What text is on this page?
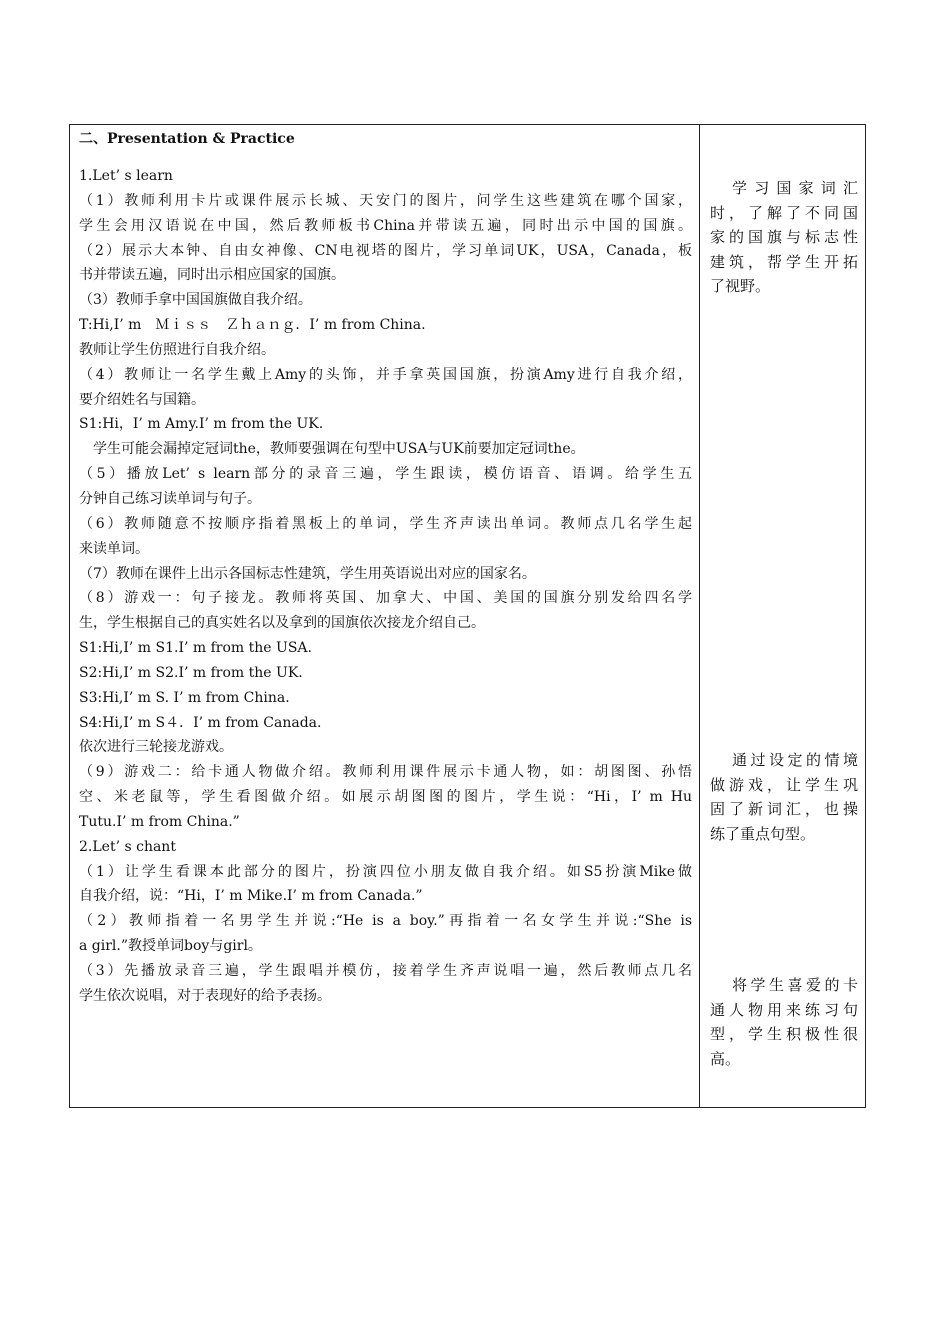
二、Presentation & Practice
1.Let’ s learn
（1）教师利用卡片或课件展示长城、天安门的图片，问学生这些建筑在哪个国家，
学生会用汉语说在中国，然后教师板书China并带读五遍，同时出示中国的国旗。
（2）展示大本钟、自由女神像、CN电视塔的图片，学习单词UK，USA，Canada，板
书并带读五遍，同时出示相应国家的国旗。
（3）教师手拿中国国旗做自我介绍。
T:Hi,I’ m　Ｍｉｓｓ　Ｚｈａｎｇ．I’ m from China.
教师让学生仿照进行自我介绍。
（4）教师让一名学生戴上Amy的头饰，并手拿英国国旗，扮演Amy进行自我介绍，
要介绍姓名与国籍。
S1:Hi，I’ m Amy.I’ m from the UK.
学生可能会漏掉定冠词the，教师要强调在句型中USA与UK前要加定冠词the。
（5）播放Let’ s learn部分的录音三遍，学生跟读，模仿语音、语调。给学生五
分钟自己练习读单词与句子。
（6）教师随意不按顺序指着黑板上的单词，学生齐声读出单词。教师点几名学生起
来读单词。
（7）教师在课件上出示各国标志性建筑，学生用英语说出对应的国家名。
（8）游戏一：句子接龙。教师将英国、加拿大、中国、美国的国旗分别发给四名学
生，学生根据自己的真实姓名以及拿到的国旗依次接龙介绍自己。
S1:Hi,I’ m S1.I’ m from the USA.
S2:Hi,I’ m S2.I’ m from the UK.
S3:Hi,I’ m S. I’ m from China.
S4:Hi,I’ m S４．I’ m from Canada.
依次进行三轮接龙游戏。
（9）游戏二：给卡通人物做介绍。教师利用课件展示卡通人物，如：胡图图、孙悟
空、米老鼠等，学生看图做介绍。如展示胡图图的图片，学生说：“Hi，I’ m Hu
Tutu.I’ m from China.”
2.Let’ s chant
（1）让学生看课本此部分的图片，扮演四位小朋友做自我介绍。如S5扮演Mike做
自我介绍，说：“Hi，I’ m Mike.I’ m from Canada.”
（2）教师指着一名男学生并说:“He is a boy.”再指着一名女学生并说:“She is
a girl.”教授单词boy与girl。
（3）先播放录音三遍，学生跟唱并模仿，接着学生齐声说唱一遍，然后教师点几名
学生依次说唱，对于表现好的给予表扬。
学习国家词汇
时，了解了不同国
家的国旗与标志性
建筑，帮学生开拓
了视野。
通过设定的情境
做游戏，让学生巩
固了新词汇，也操
练了重点句型。
将学生喜爱的卡
通人物用来练习句
型，学生积极性很
高。
